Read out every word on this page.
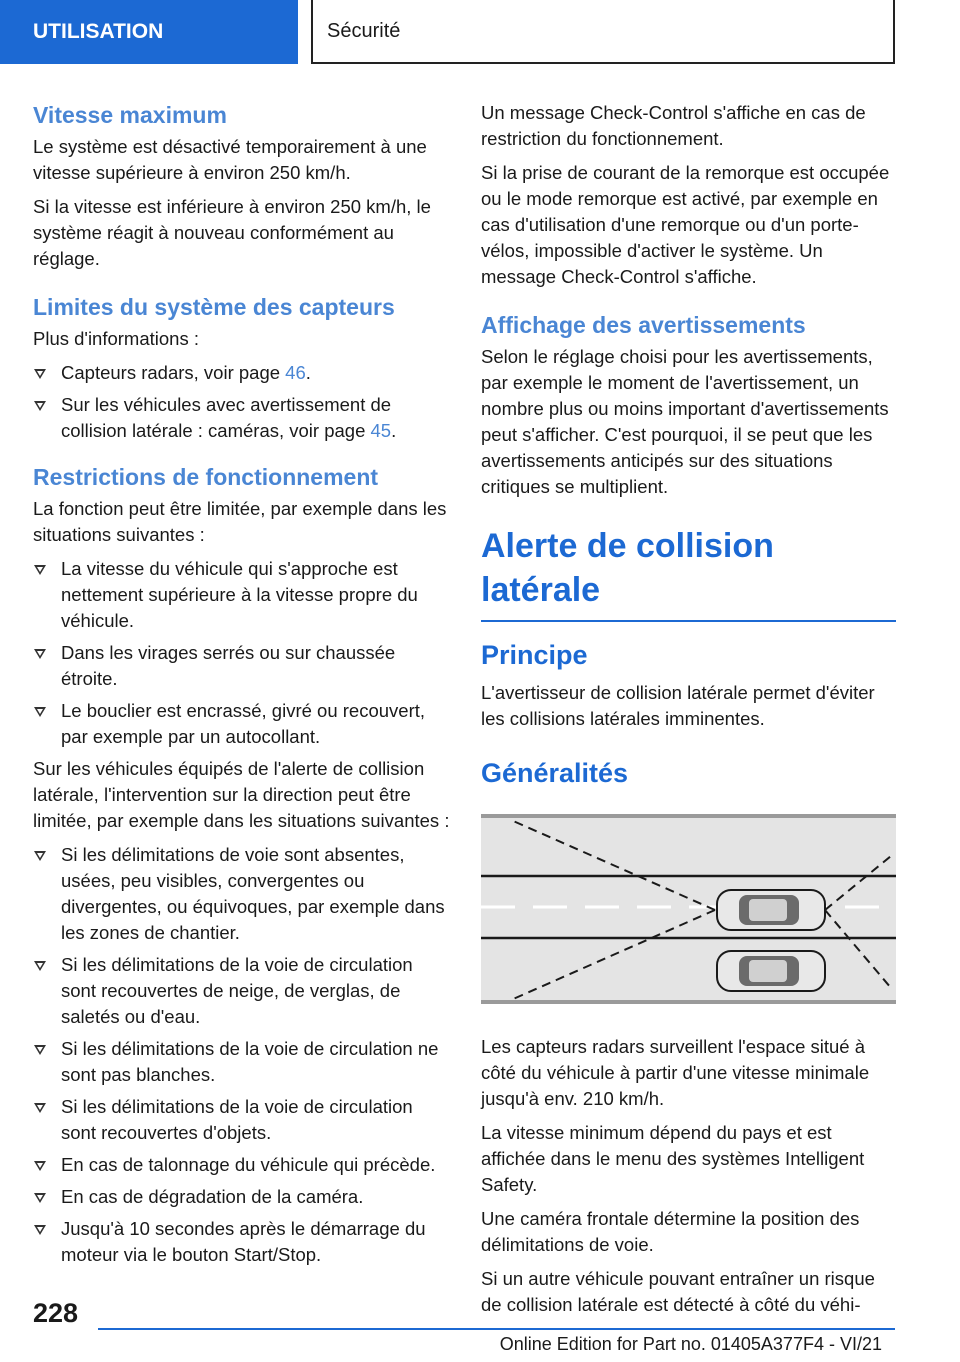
UTILISATION	Sécurité
Vitesse maximum

Le système est désactivé temporairement à une vitesse supérieure à environ 250 km/h.

Si la vitesse est inférieure à environ 250 km/h, le système réagit à nouveau conformément au réglage.

Limites du système des capteurs

Plus d'informations :

Capteurs radars, voir page 46.
Sur les véhicules avec avertissement de collision latérale : caméras, voir page 45.
Restrictions de fonctionnement

La fonction peut être limitée, par exemple dans les situations suivantes :

La vitesse du véhicule qui s'approche est nettement supérieure à la vitesse propre du véhicule.
Dans les virages serrés ou sur chaussée étroite.
Le bouclier est encrassé, givré ou recouvert, par exemple par un autocollant.

Sur les véhicules équipés de l'alerte de collision latérale, l'intervention sur la direction peut être limitée, par exemple dans les situations suivantes :

Si les délimitations de voie sont absentes, usées, peu visibles, convergentes ou divergentes, ou équivoques, par exemple dans les zones de chantier.
Si les délimitations de la voie de circulation sont recouvertes de neige, de verglas, de saletés ou d'eau.
Si les délimitations de la voie de circulation ne sont pas blanches.
Si les délimitations de la voie de circulation sont recouvertes d'objets.
En cas de talonnage du véhicule qui précède.
En cas de dégradation de la caméra.
Jusqu'à 10 secondes après le démarrage du moteur via le bouton Start/Stop.

Un message Check-Control s'affiche en cas de restriction du fonctionnement.

Si la prise de courant de la remorque est occupée ou le mode remorque est activé, par exemple en cas d'utilisation d'une remorque ou d'un porte-vélos, impossible d'activer le système. Un message Check-Control s'affiche.

Affichage des avertissements

Selon le réglage choisi pour les avertissements, par exemple le moment de l'avertissement, un nombre plus ou moins important d'avertissements peut s'afficher. C'est pourquoi, il se peut que les avertissements anticipés sur des situations critiques se multiplient.

Alerte de collision latérale
Principe

L'avertisseur de collision latérale permet d'éviter les collisions latérales imminentes.

Généralités

Les capteurs radars surveillent l'espace situé à côté du véhicule à partir d'une vitesse minimale jusqu'à env. 210 km/h.

La vitesse minimum dépend du pays et est affichée dans le menu des systèmes Intelligent Safety.

Une caméra frontale détermine la position des délimitations de voie.

Si un autre véhicule pouvant entraîner un risque de collision latérale est détecté à côté du véhi-

228
Online Edition for Part no. 01405A377F4 - VI/21
